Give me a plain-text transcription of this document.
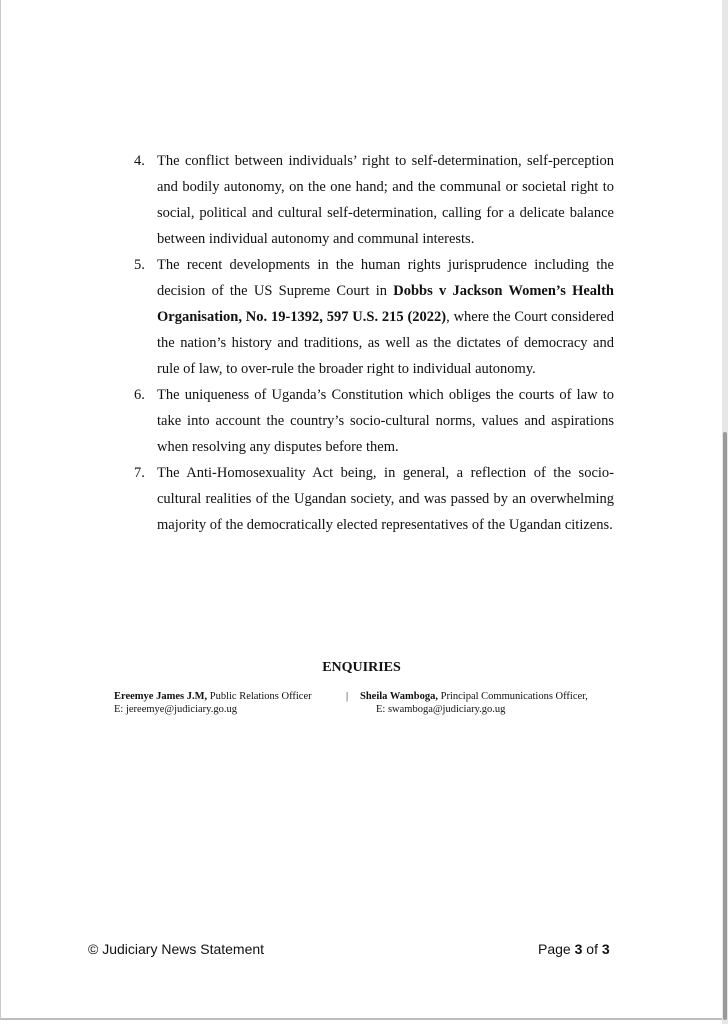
4. The conflict between individuals’ right to self-determination, self-perception and bodily autonomy, on the one hand; and the communal or societal right to social, political and cultural self-determination, calling for a delicate balance between individual autonomy and communal interests.
5. The recent developments in the human rights jurisprudence including the decision of the US Supreme Court in Dobbs v Jackson Women’s Health Organisation, No. 19-1392, 597 U.S. 215 (2022), where the Court considered the nation’s history and traditions, as well as the dictates of democracy and rule of law, to over-rule the broader right to individual autonomy.
6. The uniqueness of Uganda’s Constitution which obliges the courts of law to take into account the country’s socio-cultural norms, values and aspirations when resolving any disputes before them.
7. The Anti-Homosexuality Act being, in general, a reflection of the socio-cultural realities of the Ugandan society, and was passed by an overwhelming majority of the democratically elected representatives of the Ugandan citizens.
ENQUIRIES
Ereemye James J.M, Public Relations Officer
E: jereemye@judiciary.go.ug
| Sheila Wamboga, Principal Communications Officer,
E: swamboga@judiciary.go.ug
© Judiciary News Statement	Page 3 of 3
